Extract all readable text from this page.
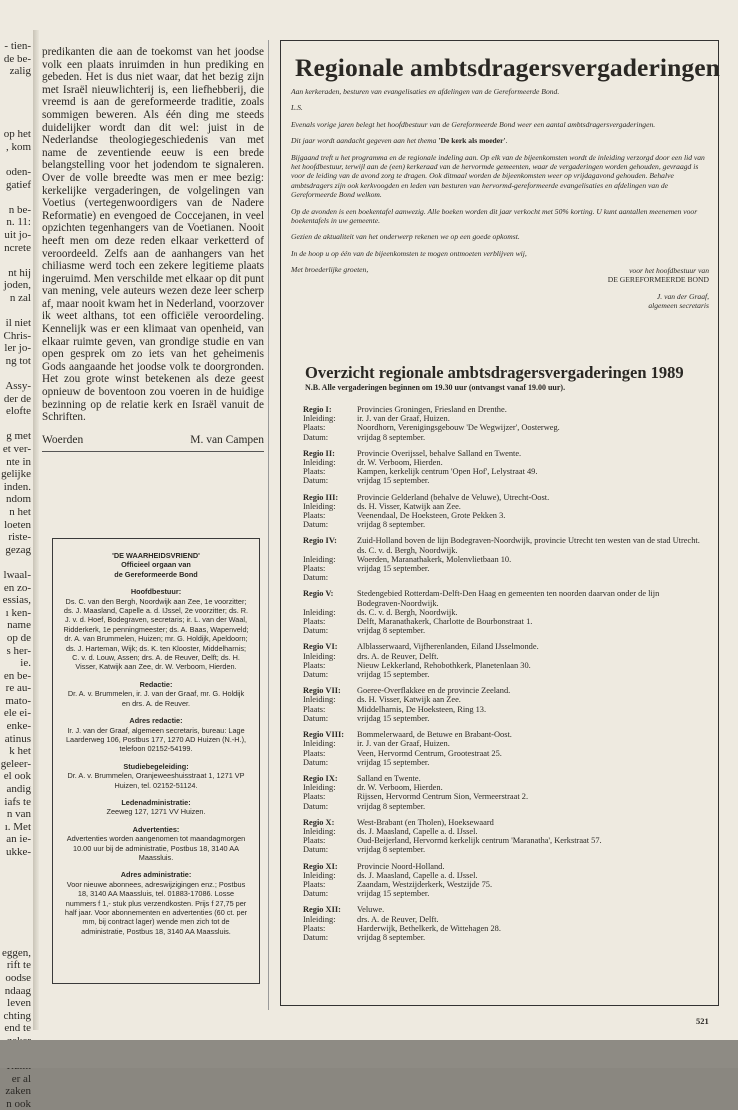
- tien-
de be-
zalig

op het
, kom

oden-
gatief

n be-
n. 11:
uit jo-
ncrete

nt hij
joden,
n zal

il niet
Chris-
ler jo-
ng tot

Assy-
der de
elofte

g met
et ver-
nte in
gelijke
inden.
ndom
n het
loeten
riste-
gezag

lwaal-
en zo-
essias,
ı ken-
name
op de
s her-
ie.
en be-
re au-
mato-
ele ei-
enke-
atinus
k het
geleer-
el ook
andig
iafs te
n van
ı. Met
an ie-
ukke-

eggen,
rift te
oodse
ndaag
leven
chting
end te
er al
zaken
n ook

predikanten die aan de toekomst van het joodse volk een plaats inruimden in hun prediking en gebeden. Het is dus niet waar, dat het bezig zijn met Israël nieuwlichterij is, een liefhebberij, die vreemd is aan de gereformeerde traditie, zoals sommigen beweren. Als één ding me steeds duidelijker wordt dan dit wel: juist in de Nederlandse theologiegeschiedenis van met name de zeventiende eeuw is een brede belangstelling voor het jodendom te signaleren. Over de volle breedte was men er mee bezig: kerkelijke vergaderingen, de volgelingen van Voetius (vertegenwoordigers van de Nadere Reformatie) en evengoed de Coccejanen, in veel opzichten tegenhangers van de Voetianen. Nooit heeft men om deze reden elkaar verketterd of veroordeeld. Zelfs aan de aanhangers van het chiliasme werd toch een zekere legitieme plaats ingeruimd. Men verschilde met elkaar op dit punt van mening, vele auteurs wezen deze leer scherp af, maar nooit kwam het in Nederland, voorzover ik weet althans, tot een officiële veroordeling. Kennelijk was er een klimaat van openheid, van elkaar ruimte geven, van grondige studie en van open gesprek om zo iets van het geheimenis Gods aangaande het joodse volk te doorgronden. Het zou grote winst betekenen als deze geest opnieuw de boventoon zou voeren in de huidige bezinning op de relatie kerk en Israël vanuit de Schriften.

Woerden	M. van Campen
'DE WAARHEIDSVRIEND'
Officieel orgaan van
de Gereformeerde Bond
Hoofdbestuur:
Ds. C. van den Bergh, Noordwijk aan Zee, 1e voorzitter; ds. J. Maasland, Capelle a. d. IJssel, 2e voorzitter; ds. R. J. v. d. Hoef, Bodegraven, secretaris; ir. L. van der Waal, Ridderkerk, 1e penningmeester; ds. A. Baas, Wapenveld; dr. A. van Brummelen, Huizen; mr. G. Holdijk, Apeldoorn; ds. J. Harteman, Wijk; ds. K. ten Klooster, Middelharnis; C. v. d. Louw, Assen; drs. A. de Reuver, Delft; ds. H. Visser, Katwijk aan Zee, dr. W. Verboom, Hierden.
Redactie:
Dr. A. v. Brummelen, ir. J. van der Graaf, mr. G. Holdijk en drs. A. de Reuver.
Adres redactie:
Ir. J. van der Graaf, algemeen secretaris, bureau: Lage Laarderweg 106, Postbus 177, 1270 AD Huizen (N.-H.), telefoon 02152-54199.
Studiebegeleiding:
Dr. A. v. Brummelen, Oranjeweeshuisstraat 1, 1271 VP Huizen, tel. 02152-51124.
Ledenadministratie:
Zeeweg 127, 1271 VV Huizen.
Advertenties:
Advertenties worden aangenomen tot maandagmorgen 10.00 uur bij de administratie, Postbus 18, 3140 AA Maassluis.
Adres administratie:
Voor nieuwe abonnees, adreswijzigingen enz.; Postbus 18, 3140 AA Maassluis, tel. 01883-17086. Losse nummers f 1,- stuk plus verzendkosten. Prijs f 27,75 per half jaar. Voor abonnementen en advertenties (60 ct. per mm, bij contract lager) wende men zich tot de administratie, Postbus 18, 3140 AA Maassluis.
Regionale ambtsdragersvergaderingen

Aan kerkeraden, besturen van evangelisaties en afdelingen van de Gereformeerde Bond.

L.S.

Evenals vorige jaren belegt het hoofdbestuur van de Gereformeerde Bond weer een aantal ambtsdragersvergaderingen.

Dit jaar wordt aandacht gegeven aan het thema 'De kerk als moeder'.

Bijgaand treft u het programma en de regionale indeling aan. Op elk van de bijeenkomsten wordt de inleiding verzorgd door een lid van het hoofdbestuur, terwijl aan de (een) kerkeraad van de hervormde gemeenten, waar de vergaderingen worden gehouden, gevraagd is voor de leiding van de avond zorg te dragen. Ook ditmaal worden de bijeenkomsten weer op vrijdagavond gehouden. Behalve ambtsdragers zijn ook kerkvoogden en leden van besturen van hervormd-gereformeerde evangelisaties en afdelingen van de Gereformeerde Bond welkom.

Op de avonden is een boekentafel aanwezig. Alle boeken worden dit jaar verkocht met 50% korting. U kunt aantallen meenemen voor boekentafels in uw gemeente.

Gezien de aktualiteit van het onderwerp rekenen we op een goede opkomst.

In de hoop u op één van de bijeenkomsten te mogen ontmoeten verblijven wij,

Met broederlijke groeten,	voor het hoofdbestuur van
DE GEREFORMEERDE BOND
J. van der Graaf,
algemeen secretaris
Overzicht regionale ambtsdragersvergaderingen 1989
N.B. Alle vergaderingen beginnen om 19.30 uur (ontvangst vanaf 19.00 uur).
Regio I:
Inleiding:
Plaats:
Datum:
Provincies Groningen, Friesland en Drenthe.
ir. J. van der Graaf, Huizen.
Noordhorn, Verenigingsgebouw 'De Wegwijzer', Oosterweg.
vrijdag 8 september.
Regio II:
Inleiding:
Plaats:
Datum:
Provincie Overijssel, behalve Salland en Twente.
dr. W. Verboom, Hierden.
Kampen, kerkelijk centrum 'Open Hof', Lelystraat 49.
vrijdag 15 september.
Regio III:
Inleiding:
Plaats:
Datum:
Provincie Gelderland (behalve de Veluwe), Utrecht-Oost.
ds. H. Visser, Katwijk aan Zee.
Veenendaal, De Hoeksteen, Grote Pekken 3.
vrijdag 8 september.
Regio IV:

Inleiding:
Plaats:
Datum:
Zuid-Holland boven de lijn Bodegraven-Noordwijk, provincie Utrecht ten westen van de stad Utrecht.
ds. C. v. d. Bergh, Noordwijk.
Woerden, Maranathakerk, Molenvlietbaan 10.
vrijdag 15 september.
Regio V:

Inleiding:
Plaats:
Datum:
Stedengebied Rotterdam-Delft-Den Haag en gemeenten ten noorden daarvan onder de lijn Bodegraven-Noordwijk.
ds. C. v. d. Bergh, Noordwijk.
Delft, Maranathakerk, Charlotte de Bourbonstraat 1.
vrijdag 8 september.
Regio VI:
Inleiding:
Plaats:
Datum:
Alblasserwaard, Vijfherenlanden, Eiland IJsselmonde.
drs. A. de Reuver, Delft.
Nieuw Lekkerland, Rehobothkerk, Planetenlaan 30.
vrijdag 15 september.
Regio VII:
Inleiding:
Plaats:
Datum:
Goeree-Overflakkee en de provincie Zeeland.
ds. H. Visser, Katwijk aan Zee.
Middelharnis, De Hoeksteen, Ring 13.
vrijdag 15 september.
Regio VIII:
Inleiding:
Plaats:
Datum:
Bommelerwaard, de Betuwe en Brabant-Oost.
ir. J. van der Graaf, Huizen.
Veen, Hervormd Centrum, Grootestraat 25.
vrijdag 15 september.
Regio IX:
Inleiding:
Plaats:
Datum:
Salland en Twente.
dr. W. Verboom, Hierden.
Rijssen, Hervormd Centrum Sion, Vermeerstraat 2.
vrijdag 8 september.
Regio X:
Inleiding:
Plaats:
Datum:
West-Brabant (en Tholen), Hoeksewaard
ds. J. Maasland, Capelle a. d. IJssel.
Oud-Beijerland, Hervormd kerkelijk centrum 'Maranatha', Kerkstraat 57.
vrijdag 8 september.
Regio XI:
Inleiding:
Plaats:
Datum:
Provincie Noord-Holland.
ds. J. Maasland, Capelle a. d. IJssel.
Zaandam, Westzijderkerk, Westzijde 75.
vrijdag 15 september.
Regio XII:
Inleiding:
Plaats:
Datum:
Veluwe.
drs. A. de Reuver, Delft.
Harderwijk, Bethelkerk, de Wittehagen 28.
vrijdag 8 september.
521
